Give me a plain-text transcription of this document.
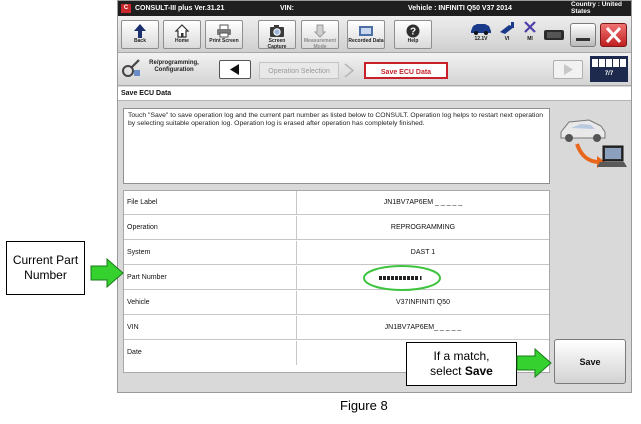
C CONSULT-III plus Ver.31.21	VIN:	Vehicle : INFINITI Q50 V37 2014
Country : United States
Back	Home	Print Screen	Screen Capture
Measurement Mode
Recorded Data
?
Help	12.1V	VI	MI
Re/programming, Configuration	Operation Selection	Save ECU Data	7/7
Save ECU Data
Touch "Save" to save operation log and the current part number as listed below to CONSULT. Operation log helps to restart next operation by selecting suitable operation log. Operation log is erased after operation has completely finished.
File Label	JN1BV7AP6EM _ _ _ _ _
Operation	REPROGRAMMING
System	DAST 1
Part Number
Vehicle	V37INFINITI Q50
VIN	JN1BV7AP6EM_ _ _ _ _
Date
Save
Current Part Number
If a match,
select Save
Figure 8
